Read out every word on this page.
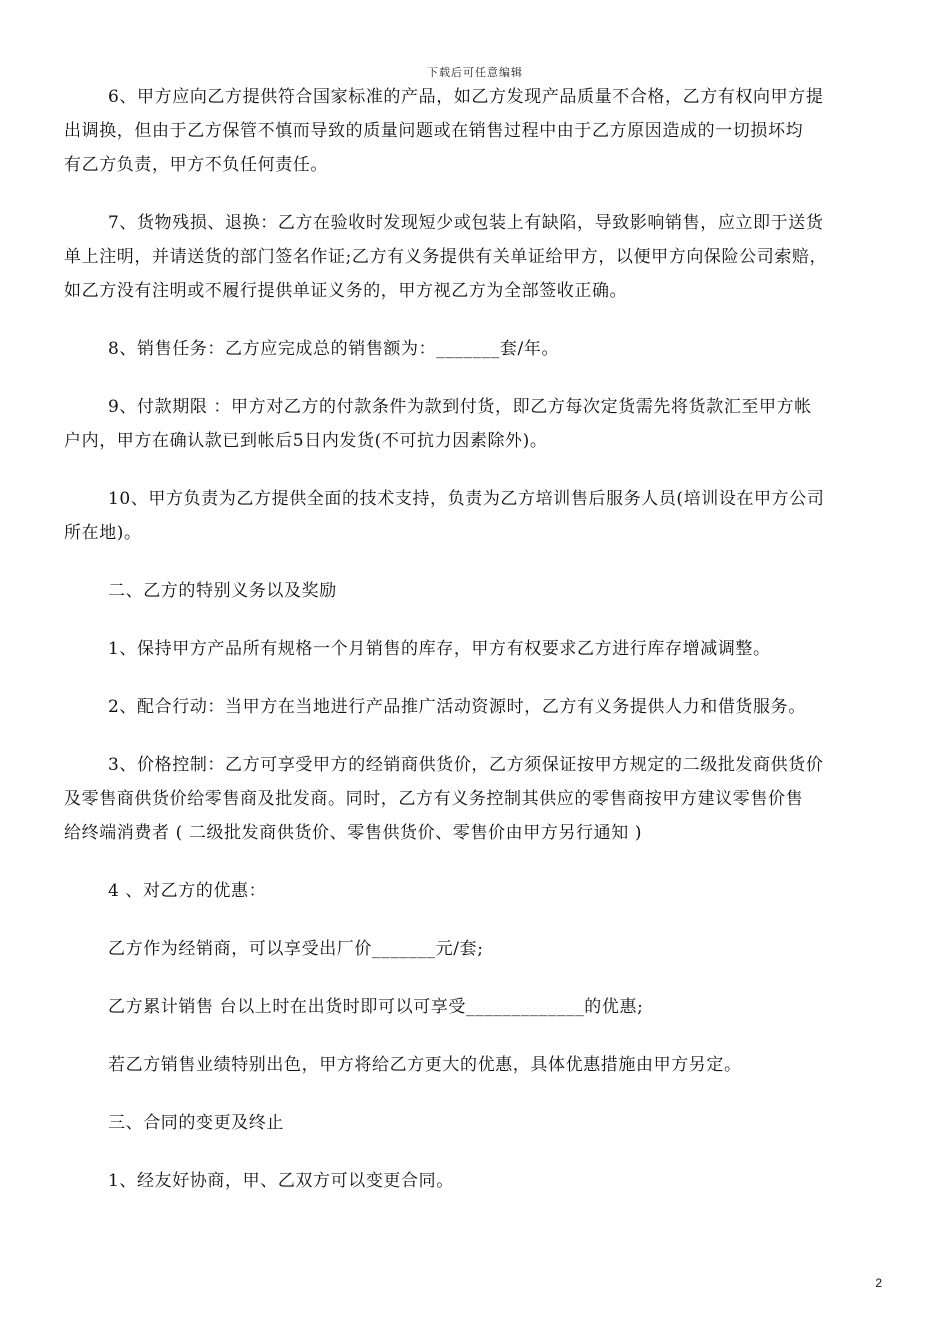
下载后可任意编辑
6、甲方应向乙方提供符合国家标准的产品，如乙方发现产品质量不合格，乙方有权向甲方提
出调换，但由于乙方保管不慎而导致的质量问题或在销售过程中由于乙方原因造成的一切损坏均
有乙方负责，甲方不负任何责任。
7、货物残损、退换：乙方在验收时发现短少或包装上有缺陷，导致影响销售，应立即于送货
单上注明，并请送货的部门签名作证;乙方有义务提供有关单证给甲方，以便甲方向保险公司索赔，
如乙方没有注明或不履行提供单证义务的，甲方视乙方为全部签收正确。
8、销售任务：乙方应完成总的销售额为：_______套/年。
9、付款期限 ：甲方对乙方的付款条件为款到付货，即乙方每次定货需先将货款汇至甲方帐
户内，甲方在确认款已到帐后5日内发货(不可抗力因素除外)。
10、甲方负责为乙方提供全面的技术支持，负责为乙方培训售后服务人员(培训设在甲方公司
所在地)。
二、乙方的特别义务以及奖励
1、保持甲方产品所有规格一个月销售的库存，甲方有权要求乙方进行库存增减调整。
2、配合行动：当甲方在当地进行产品推广活动资源时，乙方有义务提供人力和借货服务。
3、价格控制：乙方可享受甲方的经销商供货价，乙方须保证按甲方规定的二级批发商供货价
及零售商供货价给零售商及批发商。同时，乙方有义务控制其供应的零售商按甲方建议零售价售
给终端消费者 ( 二级批发商供货价、零售供货价、零售价由甲方另行通知 )
4 、对乙方的优惠：
乙方作为经销商，可以享受出厂价_______元/套;
乙方累计销售 台以上时在出货时即可以可享受_____________的优惠;
若乙方销售业绩特别出色，甲方将给乙方更大的优惠，具体优惠措施由甲方另定。
三、合同的变更及终止
1、经友好协商，甲、乙双方可以变更合同。
2
